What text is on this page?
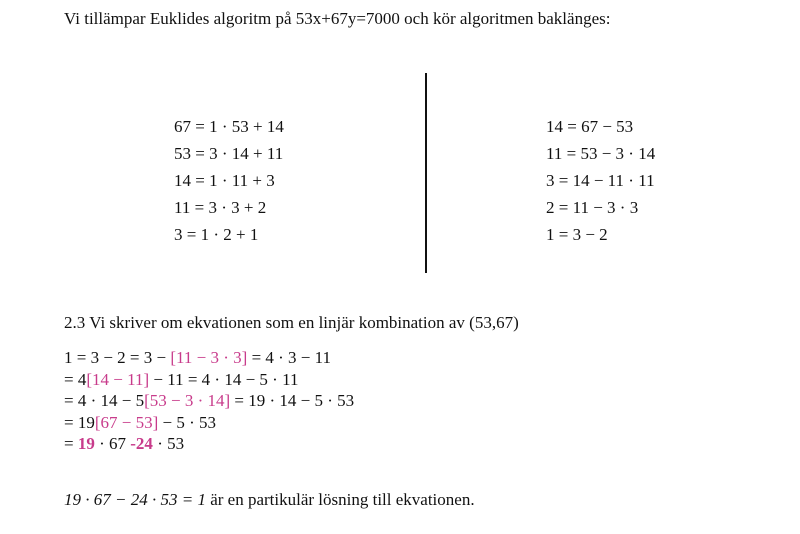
Vi tillämpar Euklides algoritm på 53x+67y=7000 och kör algoritmen baklänges:
67 = 1 · 53 + 14
53 = 3 · 14 + 11
14 = 1 · 11 + 3
11 = 3 · 3 + 2
3 = 1 · 2 + 1
14 = 67 − 53
11 = 53 − 3 · 14
3 = 14 − 11 · 11
2 = 11 − 3 · 3
1 = 3 − 2
2.3 Vi skriver om ekvationen som en linjär kombination av (53,67)
1 = 3 − 2 = 3 − [11 − 3 · 3] = 4 · 3 − 11
= 4[14 − 11] − 11 = 4 · 14 − 5 · 11
= 4 · 14 − 5[53 − 3 · 14] = 19 · 14 − 5 · 53
= 19[67 − 53] − 5 · 53
= 19 · 67 -24 · 53
19 · 67 − 24 · 53 = 1 är en partikulär lösning till ekvationen.
